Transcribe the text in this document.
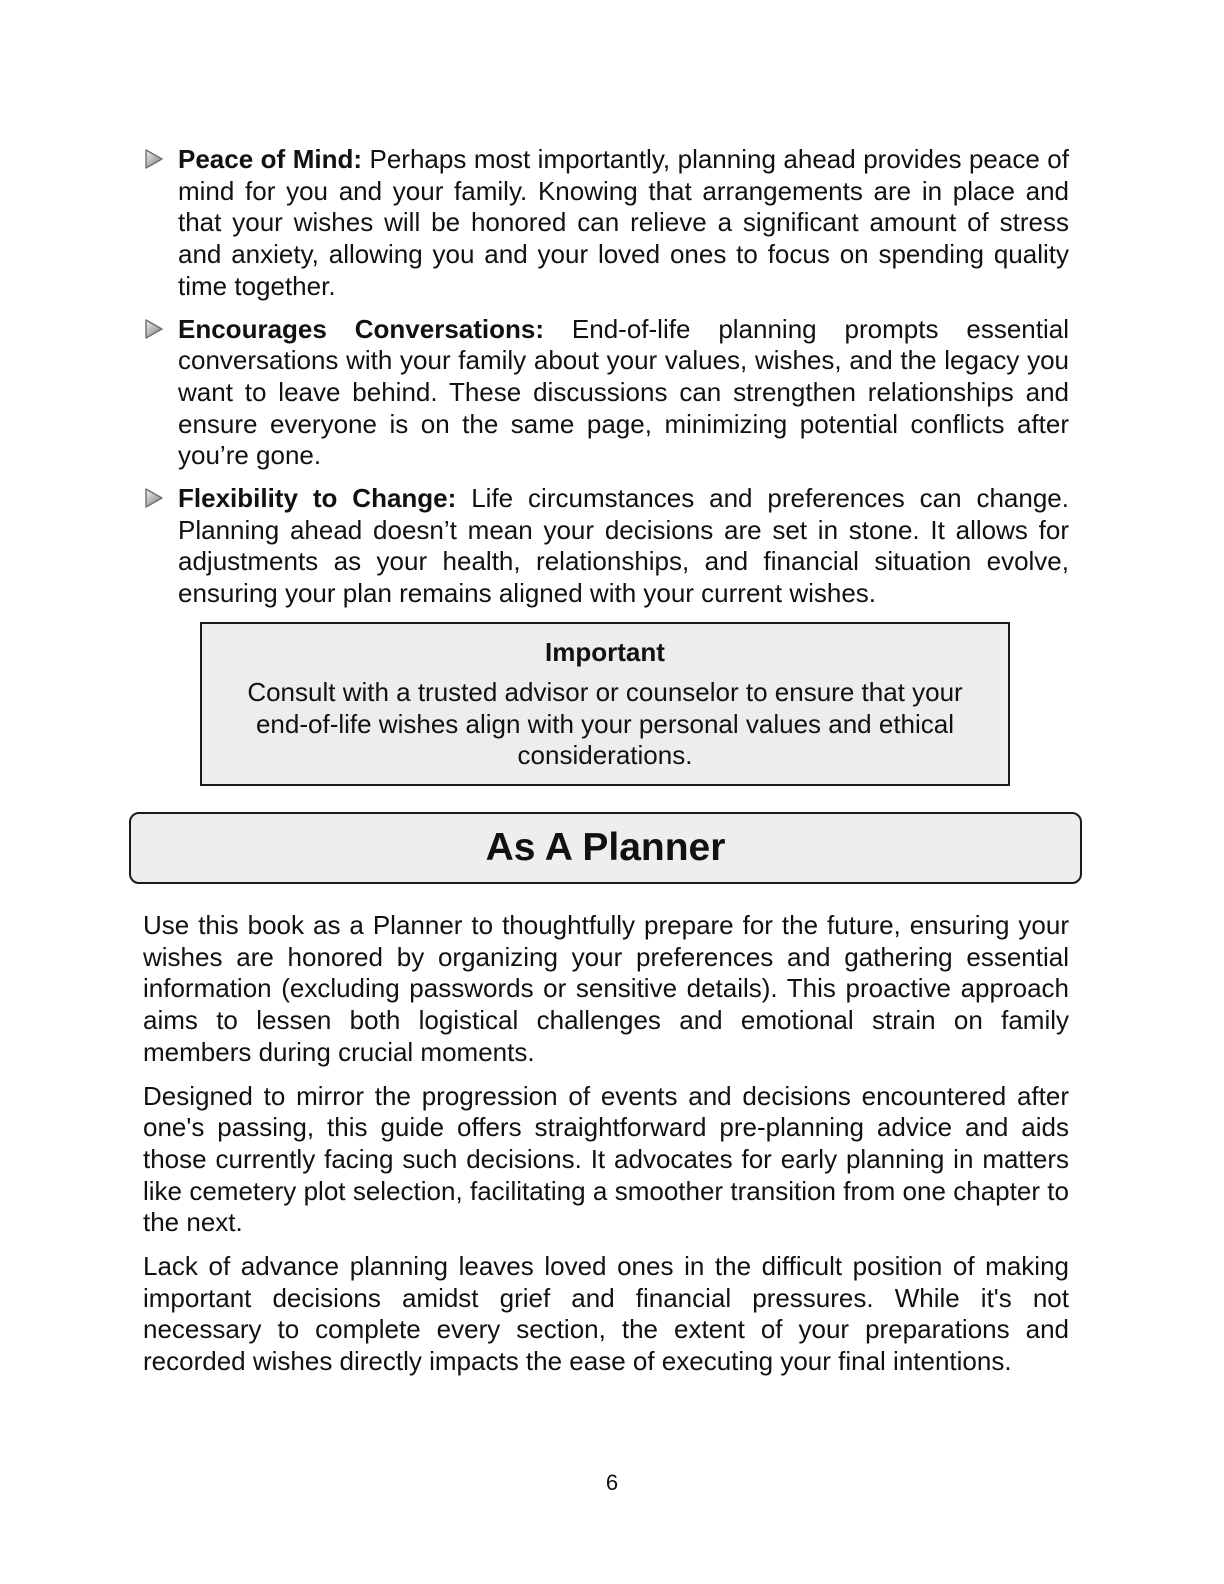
Peace of Mind: Perhaps most importantly, planning ahead provides peace of mind for you and your family. Knowing that arrangements are in place and that your wishes will be honored can relieve a significant amount of stress and anxiety, allowing you and your loved ones to focus on spending quality time together.
Encourages Conversations: End-of-life planning prompts essential conversations with your family about your values, wishes, and the legacy you want to leave behind. These discussions can strengthen relationships and ensure everyone is on the same page, minimizing potential conflicts after you’re gone.
Flexibility to Change: Life circumstances and preferences can change. Planning ahead doesn’t mean your decisions are set in stone. It allows for adjustments as your health, relationships, and financial situation evolve, ensuring your plan remains aligned with your current wishes.
Important
Consult with a trusted advisor or counselor to ensure that your end-of-life wishes align with your personal values and ethical considerations.
As A Planner

Use this book as a Planner to thoughtfully prepare for the future, ensuring your wishes are honored by organizing your preferences and gathering essential information (excluding passwords or sensitive details). This proactive approach aims to lessen both logistical challenges and emotional strain on family members during crucial moments.

Designed to mirror the progression of events and decisions encountered after one's passing, this guide offers straightforward pre-planning advice and aids those currently facing such decisions. It advocates for early planning in matters like cemetery plot selection, facilitating a smoother transition from one chapter to the next.

Lack of advance planning leaves loved ones in the difficult position of making important decisions amidst grief and financial pressures. While it's not necessary to complete every section, the extent of your preparations and recorded wishes directly impacts the ease of executing your final intentions.

6
